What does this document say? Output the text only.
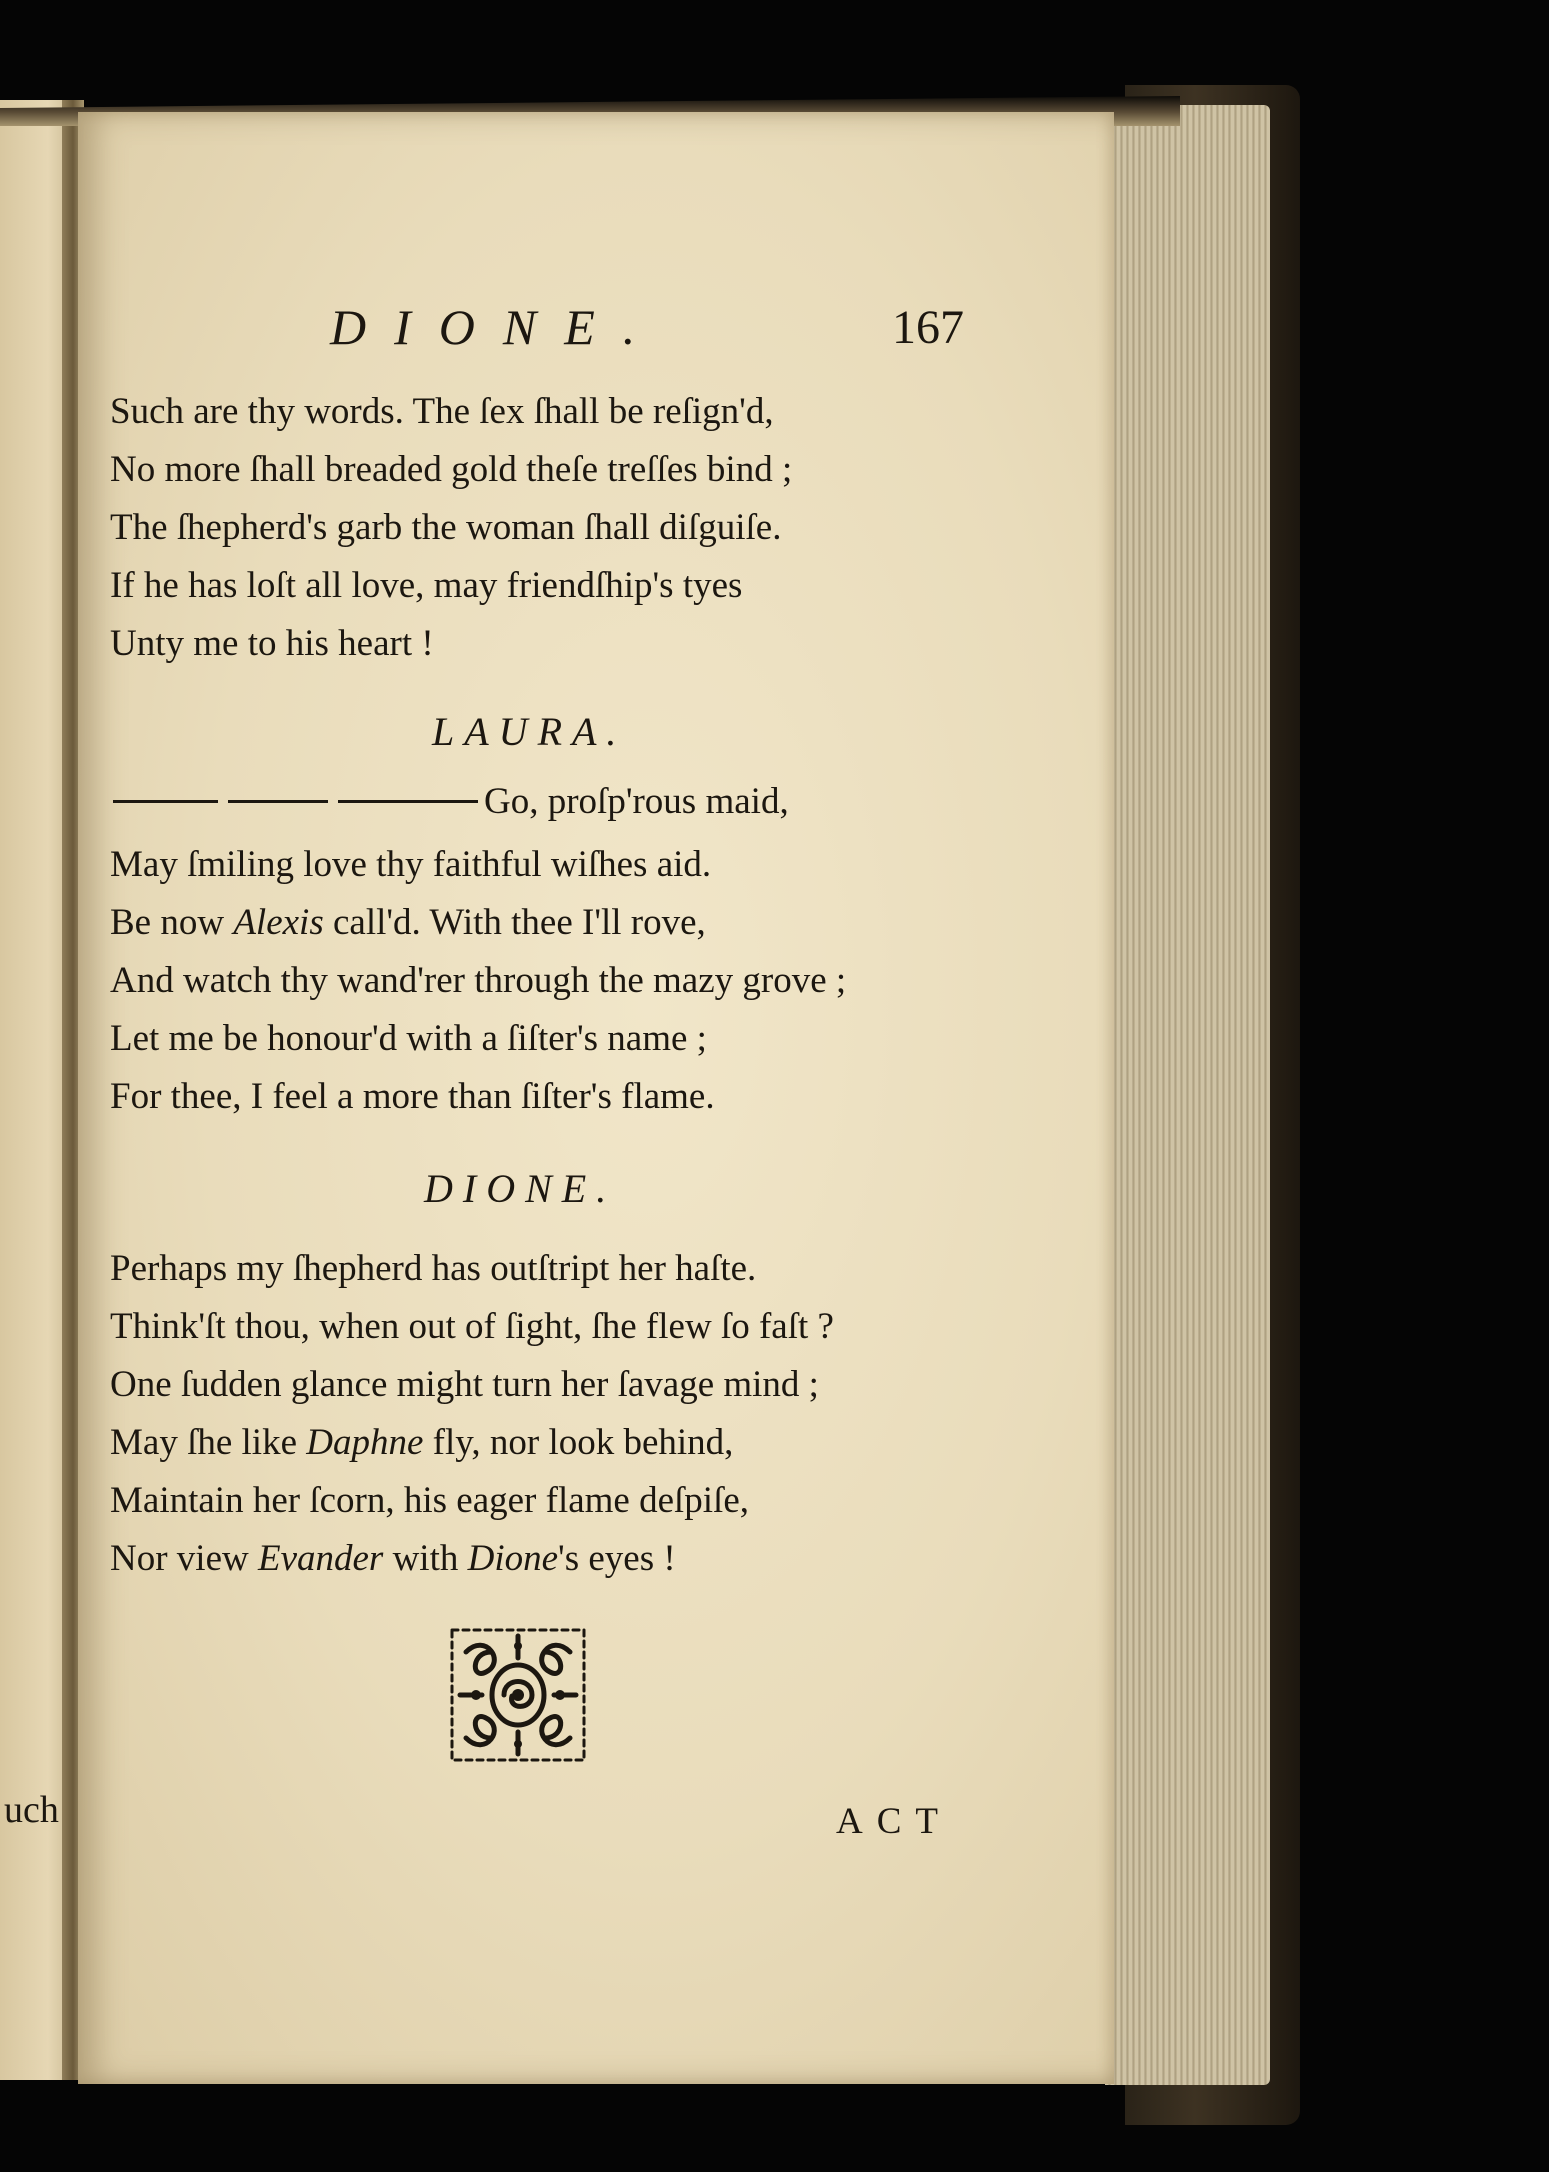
uch
DIONE.	167
Such are thy words. The ſex ſhall be reſign'd,
No more ſhall breaded gold theſe treſſes bind ;
The ſhepherd's garb the woman ſhall diſguiſe.
If he has loſt all love, may friendſhip's tyes
Unty me to his heart !
LAURA.
Go, proſp'rous maid,
May ſmiling love thy faithful wiſhes aid.
Be now Alexis call'd. With thee I'll rove,
And watch thy wand'rer through the mazy grove ;
Let me be honour'd with a ſiſter's name ;
For thee, I feel a more than ſiſter's flame.
DIONE.
Perhaps my ſhepherd has outſtript her haſte.
Think'ſt thou, when out of ſight, ſhe flew ſo faſt ?
One ſudden glance might turn her ſavage mind ;
May ſhe like Daphne fly, nor look behind,
Maintain her ſcorn, his eager flame deſpiſe,
Nor view Evander with Dione's eyes !
ACT
